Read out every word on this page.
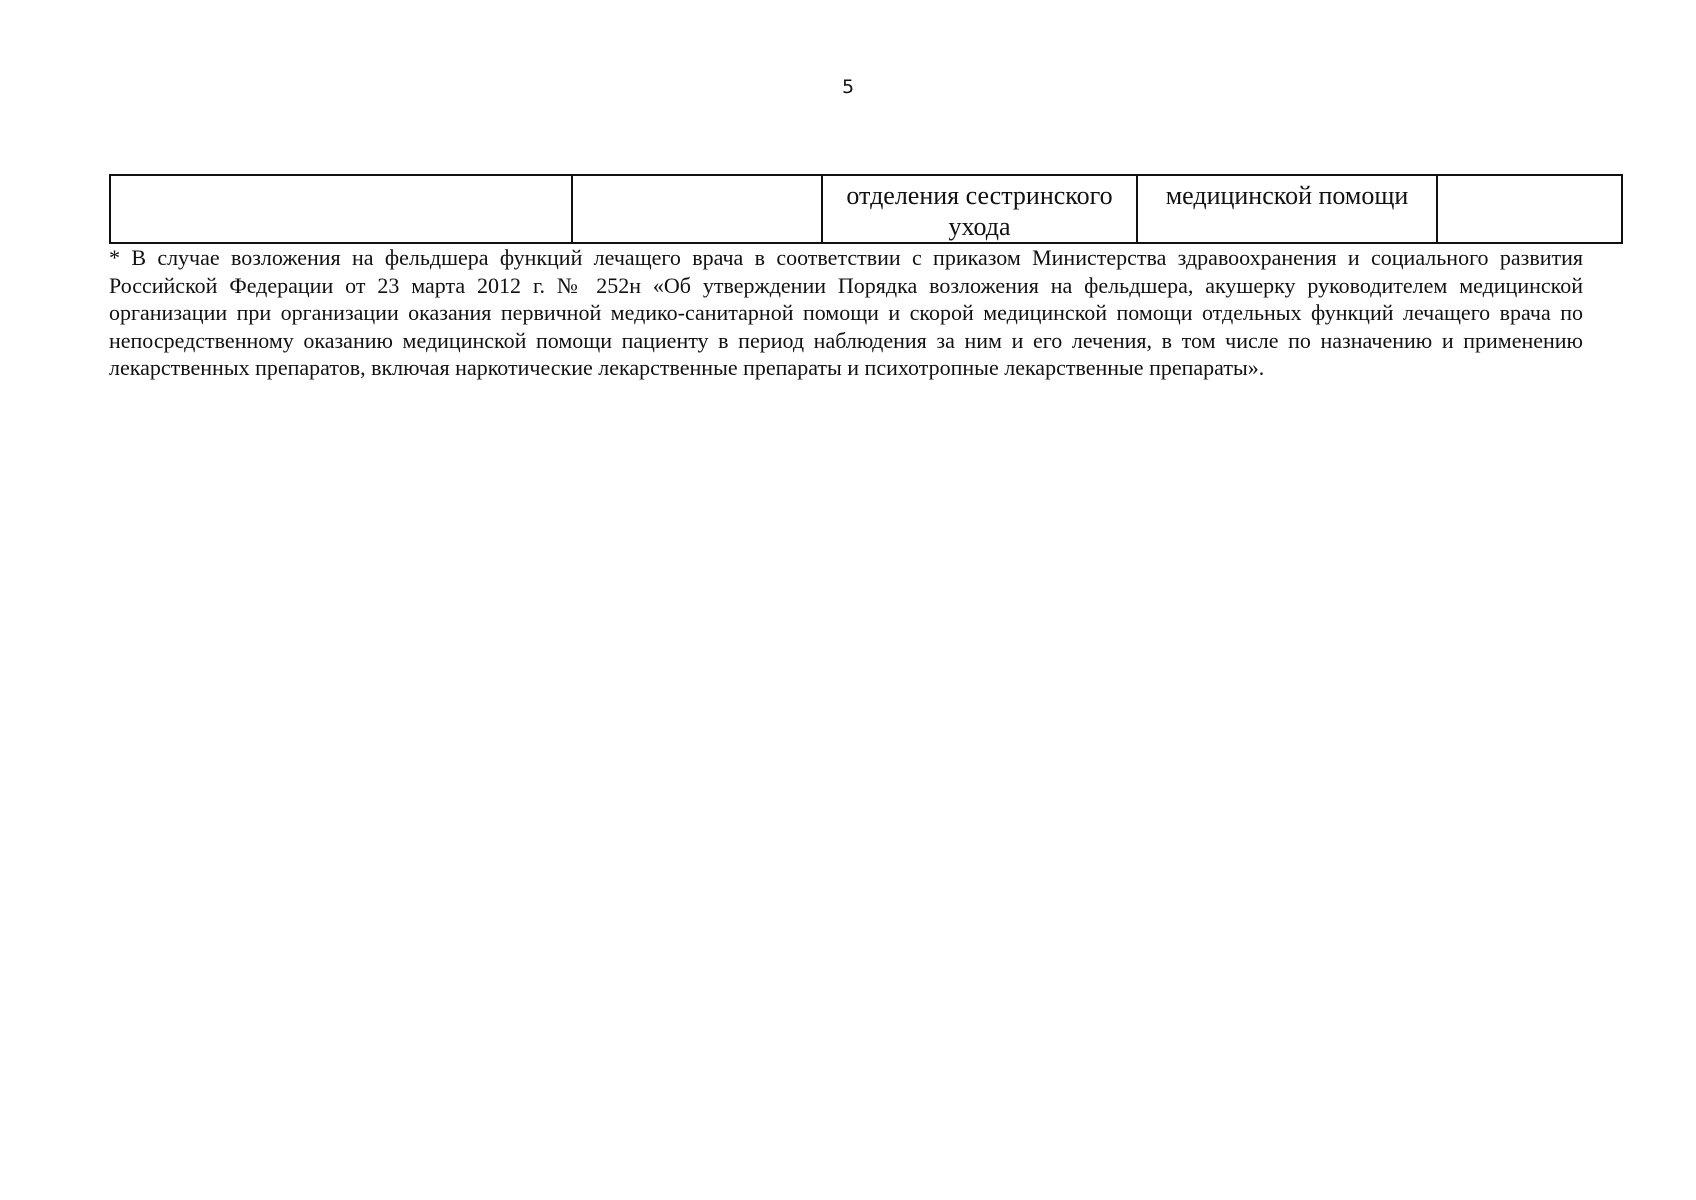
5
		отделения сестринского ухода	медицинской помощи	

* В случае возложения на фельдшера функций лечащего врача в соответствии с приказом Министерства здравоохранения и социального развития Российской Федерации от 23 марта 2012 г. № 252н «Об утверждении Порядка возложения на фельдшера, акушерку руководителем медицинской организации при организации оказания первичной медико-санитарной помощи и скорой медицинской помощи отдельных функций лечащего врача по непосредственному оказанию медицинской помощи пациенту в период наблюдения за ним и его лечения, в том числе по назначению и применению лекарственных препаратов, включая наркотические лекарственные препараты и психотропные лекарственные препараты».
